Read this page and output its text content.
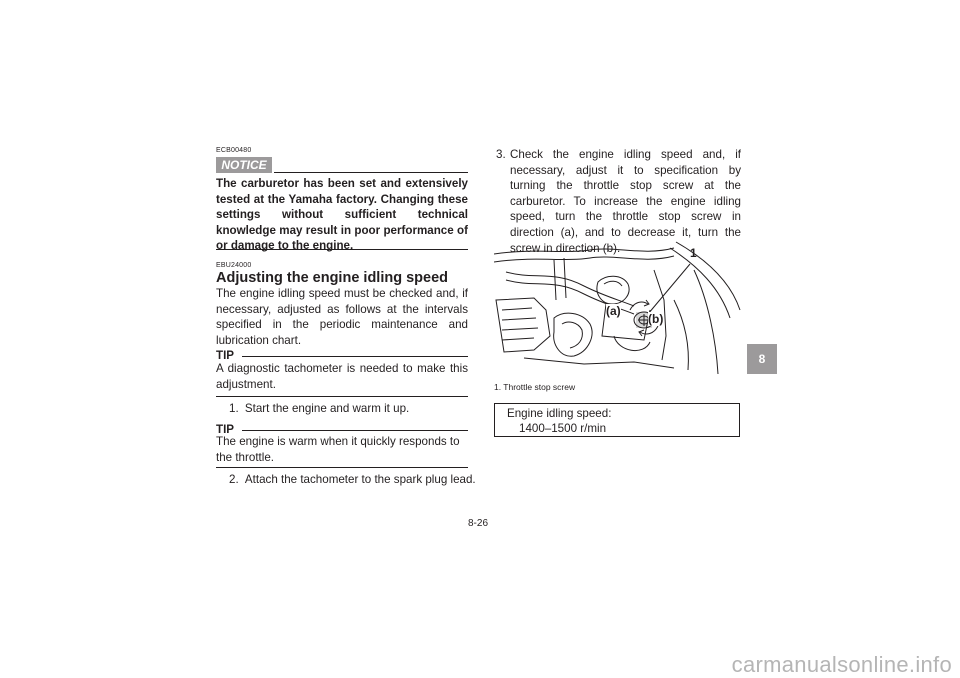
ECB00480
NOTICE
The carburetor has been set and extensively tested at the Yamaha factory. Changing these settings without sufficient technical knowledge may result in poor performance of or damage to the engine.
EBU24000
Adjusting the engine idling speed
The engine idling speed must be checked and, if necessary, adjusted as follows at the intervals specified in the periodic maintenance and lubrication chart.
TIP
A diagnostic tachometer is needed to make this adjustment.
1. Start the engine and warm it up.
TIP
The engine is warm when it quickly responds to the throttle.
2. Attach the tachometer to the spark plug lead.
3. Check the engine idling speed and, if necessary, adjust it to specification by turning the throttle stop screw at the carburetor. To increase the engine idling speed, turn the throttle stop screw in direction (a), and to decrease it, turn the screw in direction (b).	1
(a)
(b)
1. Throttle stop screw
Engine idling speed:
1400–1500 r/min
8-26
8
carmanualsonline.info
